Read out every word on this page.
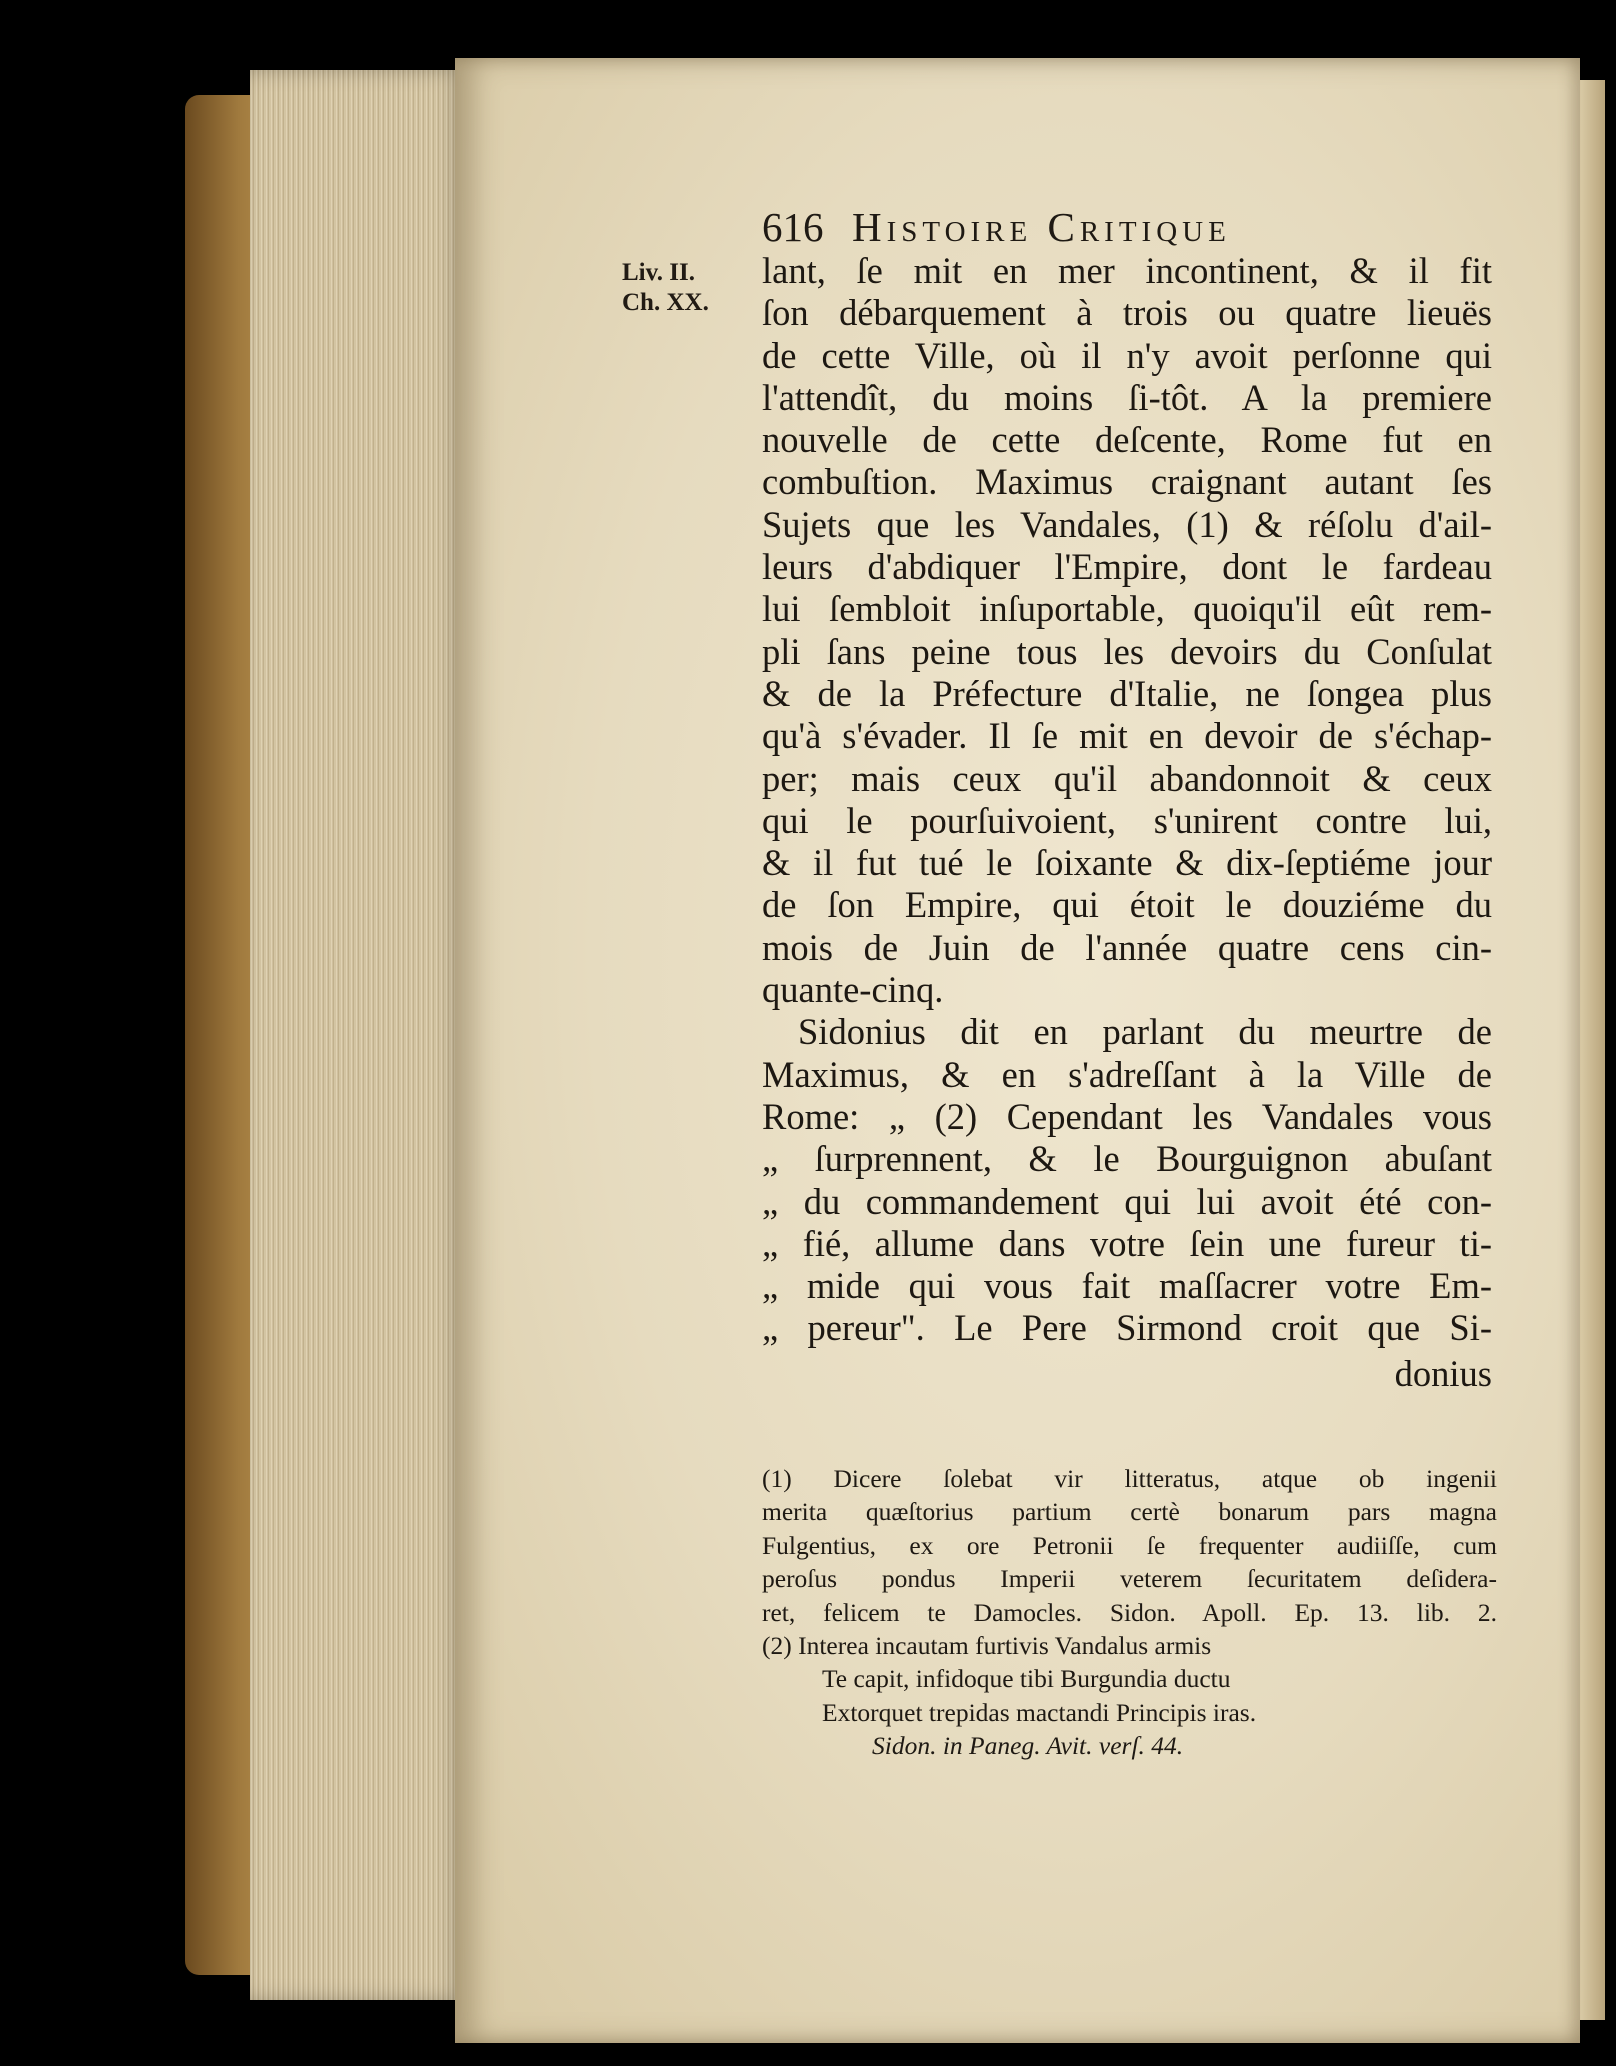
616 Histoire Critique
Liv. II.
Ch. XX.
lant, ſe mit en mer incontinent, & il fit
ſon débarquement à trois ou quatre lieuës
de cette Ville, où il n'y avoit perſonne qui
l'attendît, du moins ſi-tôt. A la premiere
nouvelle de cette deſcente, Rome fut en
combuſtion. Maximus craignant autant ſes
Sujets que les Vandales, (1) & réſolu d'ail-
leurs d'abdiquer l'Empire, dont le fardeau
lui ſembloit inſuportable, quoiqu'il eût rem-
pli ſans peine tous les devoirs du Conſulat
& de la Préfecture d'Italie, ne ſongea plus
qu'à s'évader. Il ſe mit en devoir de s'échap-
per; mais ceux qu'il abandonnoit & ceux
qui le pourſuivoient, s'unirent contre lui,
& il fut tué le ſoixante & dix-ſeptiéme jour
de ſon Empire, qui étoit le douziéme du
mois de Juin de l'année quatre cens cin-
quante-cinq.
Sidonius dit en parlant du meurtre de
Maximus, & en s'adreſſant à la Ville de
Rome: „ (2) Cependant les Vandales vous
„ ſurprennent, & le Bourguignon abuſant
„ du commandement qui lui avoit été con-
„ fié, allume dans votre ſein une fureur ti-
„ mide qui vous fait maſſacrer votre Em-
„ pereur". Le Pere Sirmond croit que Si-
donius
(1) Dicere ſolebat vir litteratus, atque ob ingenii
merita quæſtorius partium certè bonarum pars magna
Fulgentius, ex ore Petronii ſe frequenter audiiſſe, cum
peroſus pondus Imperii veterem ſecuritatem deſidera-
ret, felicem te Damocles. Sidon. Apoll. Ep. 13. lib. 2.
(2) Interea incautam furtivis Vandalus armis
Te capit, infidoque tibi Burgundia ductu
Extorquet trepidas mactandi Principis iras.
Sidon. in Paneg. Avit. verſ. 44.
